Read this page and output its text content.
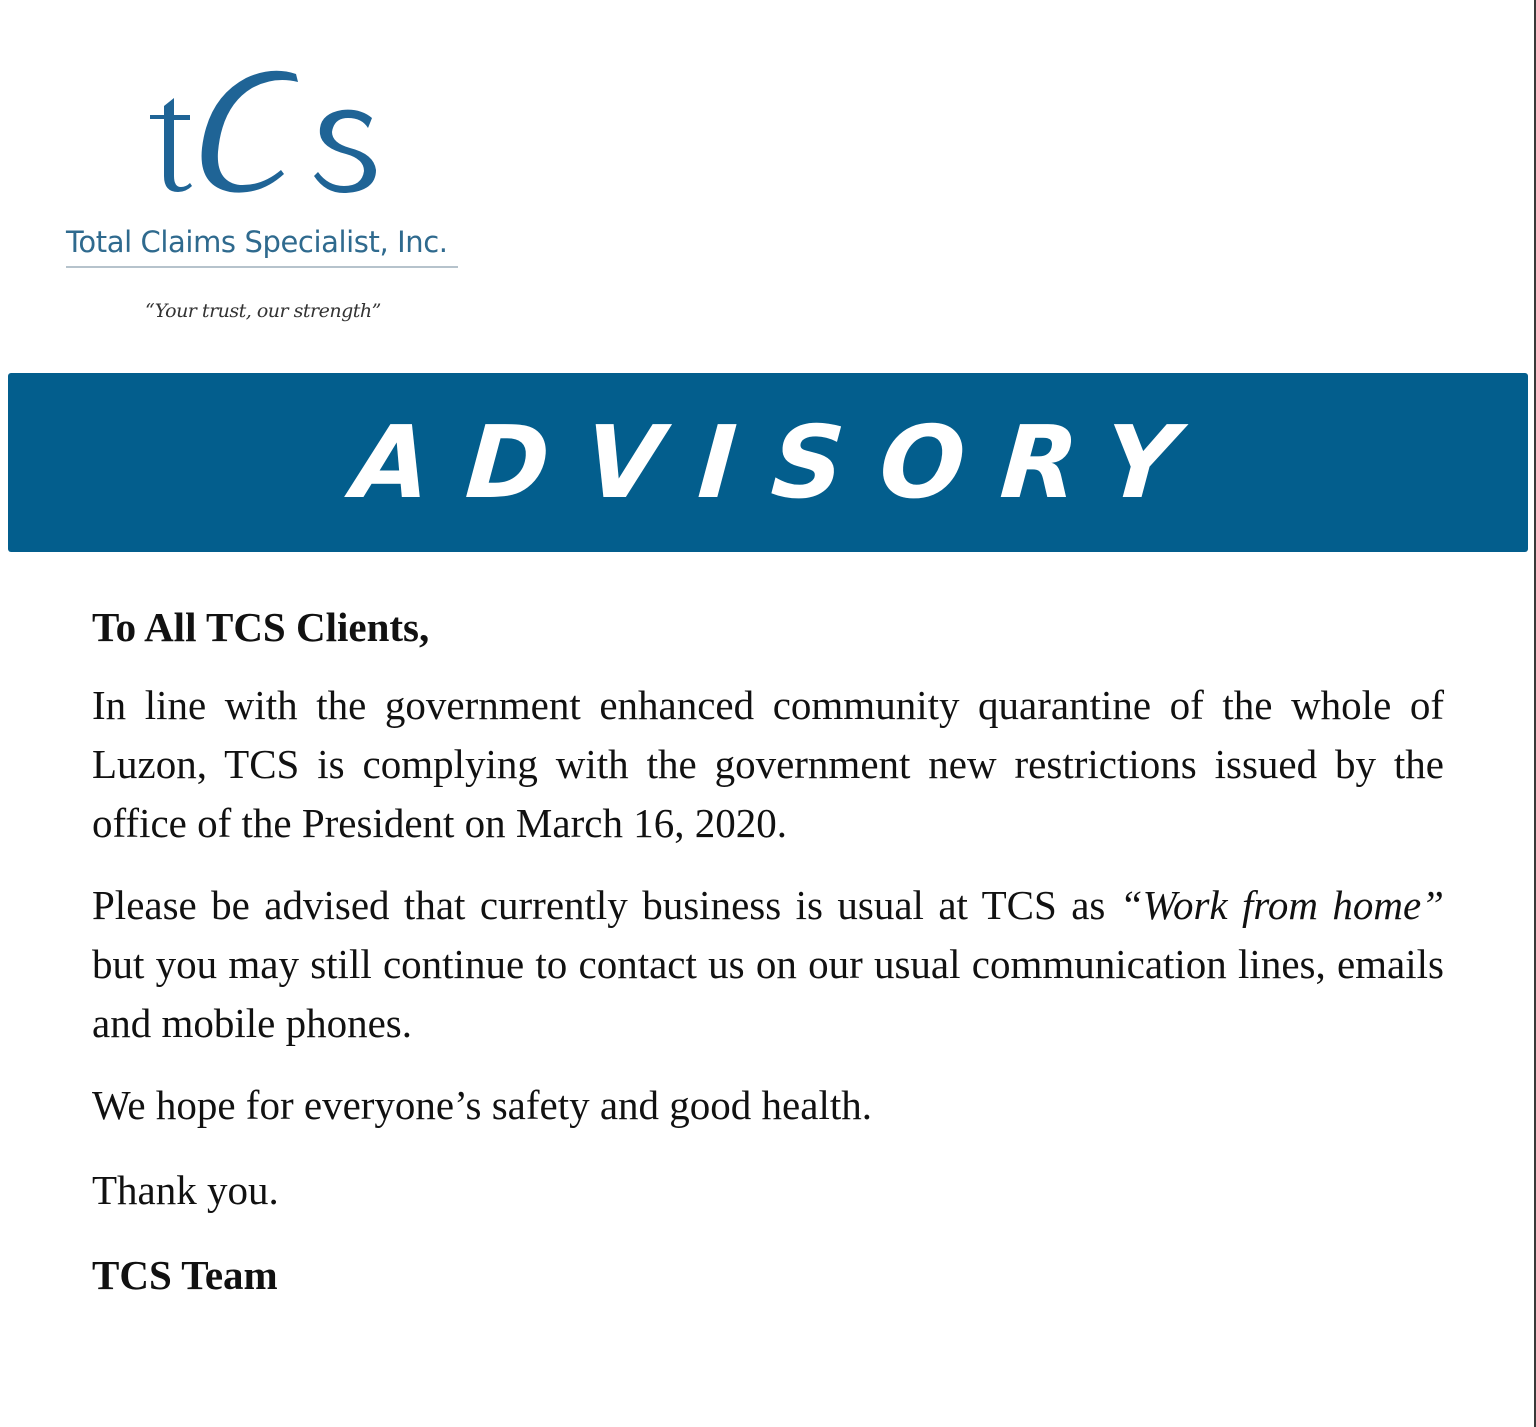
Total Claims Specialist, Inc.
“Your trust, our strength”
ADVISORY

To All TCS Clients,

In line with the government enhanced community quarantine of the whole of Luzon, TCS is complying with the government new restrictions issued by the office of the President on March 16, 2020.

Please be advised that currently business is usual at TCS as “Work from home” but you may still continue to contact us on our usual communication lines, emails and mobile phones.

We hope for everyone’s safety and good health.

Thank you.

TCS Team
